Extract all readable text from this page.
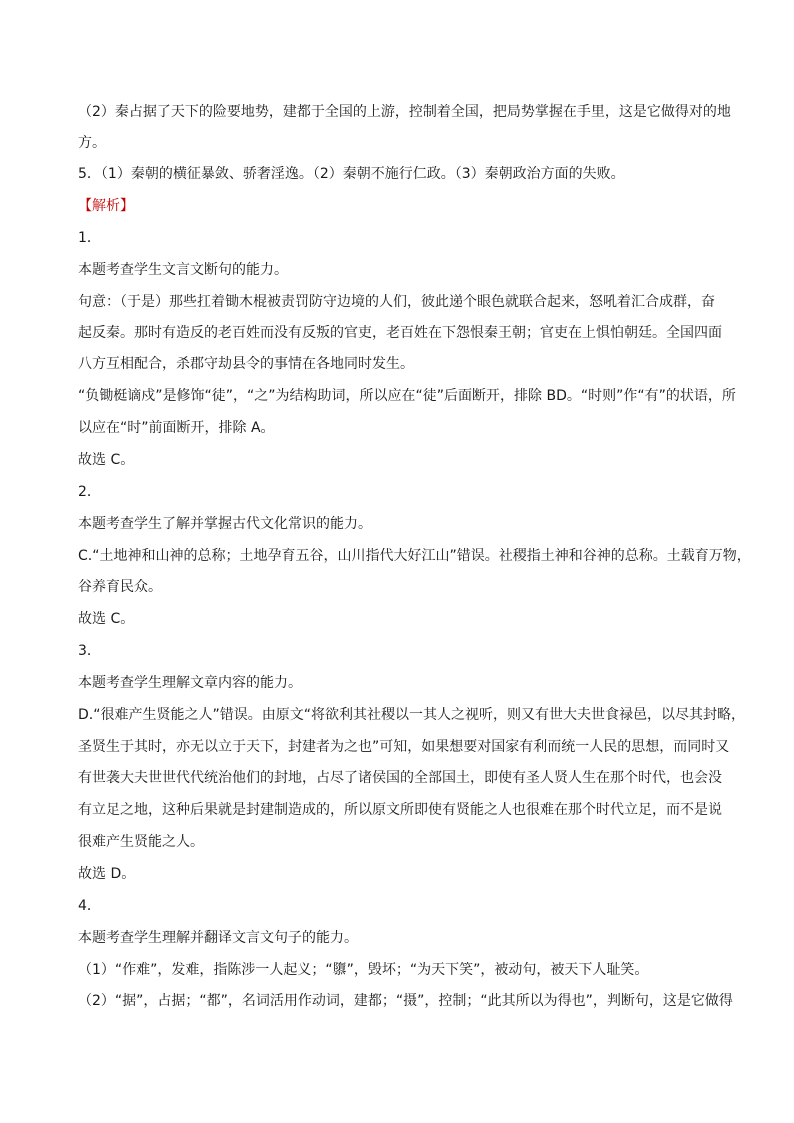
（2）秦占据了天下的险要地势，建都于全国的上游，控制着全国，把局势掌握在手里，这是它做得对的地
方。
5．（1）秦朝的横征暴敛、骄奢淫逸。（2）秦朝不施行仁政。（3）秦朝政治方面的失败。
【解析】
1．
本题考查学生文言文断句的能力。
句意：（于是）那些扛着锄木棍被责罚防守边境的人们，彼此递个眼色就联合起来，怒吼着汇合成群，奋
起反秦。那时有造反的老百姓而没有反叛的官吏，老百姓在下怨恨秦王朝；官吏在上惧怕朝廷。全国四面
八方互相配合，杀郡守劫县令的事情在各地同时发生。
“负锄梃谪戍”是修饰“徒”，“之”为结构助词，所以应在“徒”后面断开，排除 BD。“时则”作“有”的状语，所
以应在“时”前面断开，排除 A。
故选 C。
2．
本题考查学生了解并掌握古代文化常识的能力。
C.“土地神和山神的总称；土地孕育五谷，山川指代大好江山”错误。社稷指土神和谷神的总称。土载育万物，
谷养育民众。
故选 C。
3．
本题考查学生理解文章内容的能力。
D.“很难产生贤能之人”错误。由原文“将欲利其社稷以一其人之视听，则又有世大夫世食禄邑，以尽其封略，
圣贤生于其时，亦无以立于天下，封建者为之也”可知，如果想要对国家有利而统一人民的思想，而同时又
有世袭大夫世世代代统治他们的封地，占尽了诸侯国的全部国土，即使有圣人贤人生在那个时代，也会没
有立足之地，这种后果就是封建制造成的，所以原文所即使有贤能之人也很难在那个时代立足，而不是说
很难产生贤能之人。
故选 D。
4．
本题考查学生理解并翻译文言文句子的能力。
（1）“作难”，发难，指陈涉一人起义；“隳”，毁坏；“为天下笑”，被动句，被天下人耻笑。
（2）“据”，占据；“都”，名词活用作动词，建都；“摄”，控制；“此其所以为得也”，判断句，这是它做得
